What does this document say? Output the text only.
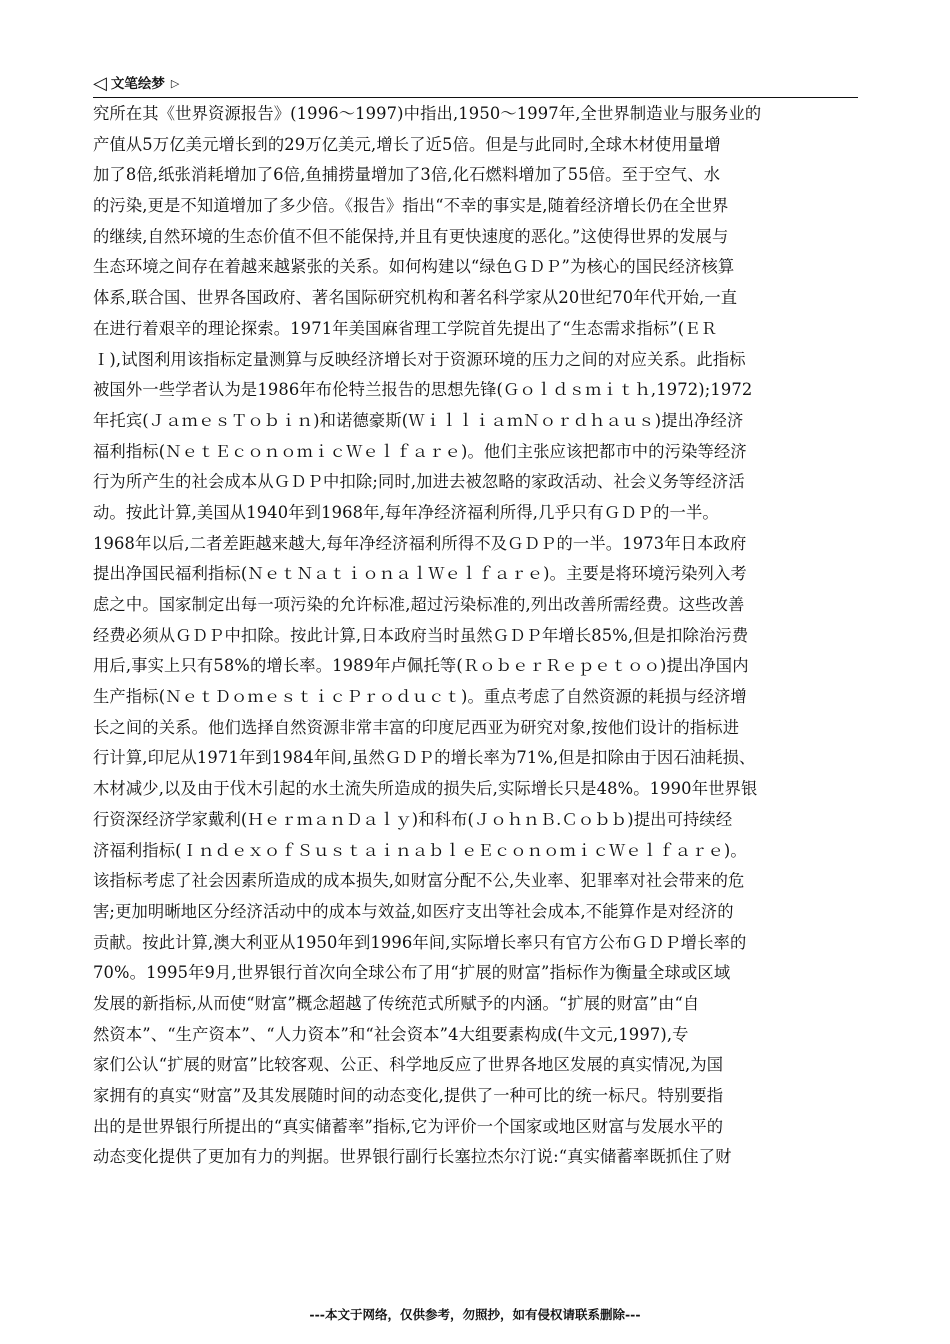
◁ 文笔绘梦 ▷
究所在其《世界资源报告》(1996～1997)中指出,1950～1997年,全世界制造业与服务业的
产值从5万亿美元增长到的29万亿美元,增长了近5倍。但是与此同时,全球木材使用量增
加了8倍,纸张消耗增加了6倍,鱼捕捞量增加了3倍,化石燃料增加了55倍。至于空气、水
的污染,更是不知道增加了多少倍。《报告》指出“不幸的事实是,随着经济增长仍在全世界
的继续,自然环境的生态价值不但不能保持,并且有更快速度的恶化。”这使得世界的发展与
生态环境之间存在着越来越紧张的关系。如何构建以“绿色ＧＤＰ”为核心的国民经济核算
体系,联合国、世界各国政府、著名国际研究机构和著名科学家从20世纪70年代开始,一直
在进行着艰辛的理论探索。1971年美国麻省理工学院首先提出了“生态需求指标”(ＥＲ
Ｉ),试图利用该指标定量测算与反映经济增长对于资源环境的压力之间的对应关系。此指标
被国外一些学者认为是1986年布伦特兰报告的思想先锋(Ｇｏｌｄｓｍｉｔｈ,1972);1972
年托宾(ＪａｍｅｓＴｏｂｉｎ)和诺德豪斯(ＷｉｌｌｉａｍＮｏｒｄｈａｕｓ)提出净经济
福利指标(ＮｅｔＥｃｏｎｏｍｉｃＷｅｌｆａｒｅ)。他们主张应该把都市中的污染等经济
行为所产生的社会成本从ＧＤＰ中扣除;同时,加进去被忽略的家政活动、社会义务等经济活
动。按此计算,美国从1940年到1968年,每年净经济福利所得,几乎只有ＧＤＰ的一半。
1968年以后,二者差距越来越大,每年净经济福利所得不及ＧＤＰ的一半。1973年日本政府
提出净国民福利指标(ＮｅｔＮａｔｉｏｎａｌＷｅｌｆａｒｅ)。主要是将环境污染列入考
虑之中。国家制定出每一项污染的允许标准,超过污染标准的,列出改善所需经费。这些改善
经费必须从ＧＤＰ中扣除。按此计算,日本政府当时虽然ＧＤＰ年增长85%,但是扣除治污费
用后,事实上只有58%的增长率。1989年卢佩托等(ＲｏｂｅｒＲｅｐｅｔｏｏ)提出净国内
生产指标(ＮｅｔＤｏｍｅｓｔｉｃＰｒｏｄｕｃｔ)。重点考虑了自然资源的耗损与经济增
长之间的关系。他们选择自然资源非常丰富的印度尼西亚为研究对象,按他们设计的指标进
行计算,印尼从1971年到1984年间,虽然ＧＤＰ的增长率为71%,但是扣除由于因石油耗损、
木材减少,以及由于伐木引起的水土流失所造成的损失后,实际增长只是48%。1990年世界银
行资深经济学家戴利(ＨｅｒｍａｎＤａｌｙ)和科布(ＪｏｈｎＢ.Ｃｏｂｂ)提出可持续经
济福利指标(ＩｎｄｅｘｏｆＳｕｓｔａｉｎａｂｌｅＥｃｏｎｏｍｉｃＷｅｌｆａｒｅ)。
该指标考虑了社会因素所造成的成本损失,如财富分配不公,失业率、犯罪率对社会带来的危
害;更加明晰地区分经济活动中的成本与效益,如医疗支出等社会成本,不能算作是对经济的
贡献。按此计算,澳大利亚从1950年到1996年间,实际增长率只有官方公布ＧＤＰ增长率的
70%。1995年9月,世界银行首次向全球公布了用“扩展的财富”指标作为衡量全球或区域
发展的新指标,从而使“财富”概念超越了传统范式所赋予的内涵。“扩展的财富”由“自
然资本”、“生产资本”、“人力资本”和“社会资本”4大组要素构成(牛文元,1997),专
家们公认“扩展的财富”比较客观、公正、科学地反应了世界各地区发展的真实情况,为国
家拥有的真实“财富”及其发展随时间的动态变化,提供了一种可比的统一标尺。特别要指
出的是世界银行所提出的“真实储蓄率”指标,它为评价一个国家或地区财富与发展水平的
动态变化提供了更加有力的判据。世界银行副行长塞拉杰尔汀说:“真实储蓄率既抓住了财
---本文于网络，仅供参考，勿照抄，如有侵权请联系删除---
